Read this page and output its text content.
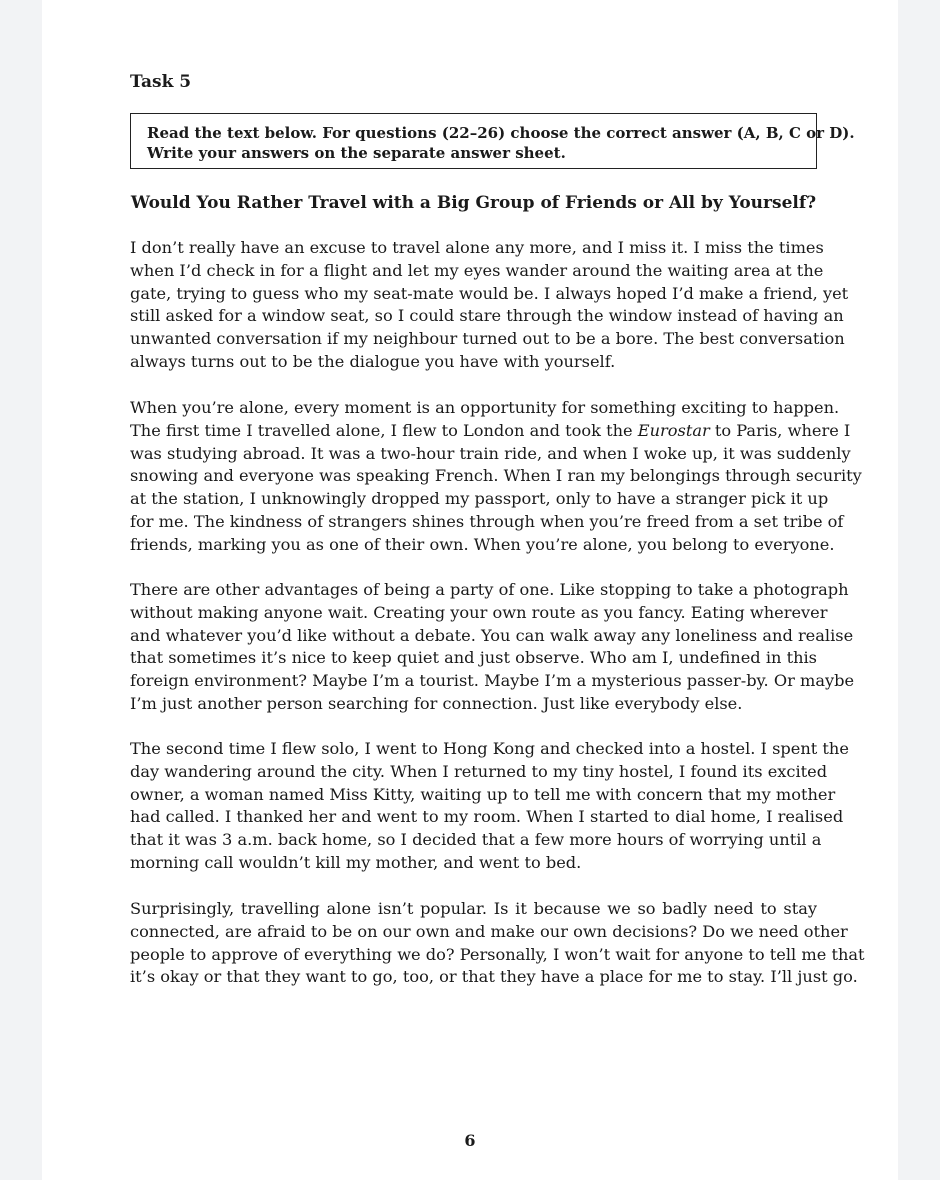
Task 5
Read the text below. For questions (22–26) choose the correct answer (A, B, C or D).
Write your answers on the separate answer sheet.
Would You Rather Travel with a Big Group of Friends or All by Yourself?
I don’t really have an excuse to travel alone any more, and I miss it. I miss the times
when I’d check in for a flight and let my eyes wander around the waiting area at the
gate, trying to guess who my seat-mate would be. I always hoped I’d make a friend, yet
still asked for a window seat, so I could stare through the window instead of having an
unwanted conversation if my neighbour turned out to be a bore. The best conversation
always turns out to be the dialogue you have with yourself.
When you’re alone, every moment is an opportunity for something exciting to happen.
The first time I travelled alone, I flew to London and took the Eurostar to Paris, where I
was studying abroad. It was a two-hour train ride, and when I woke up, it was suddenly
snowing and everyone was speaking French. When I ran my belongings through security
at the station, I unknowingly dropped my passport, only to have a stranger pick it up
for me. The kindness of strangers shines through when you’re freed from a set tribe of
friends, marking you as one of their own. When you’re alone, you belong to everyone.
There are other advantages of being a party of one. Like stopping to take a photograph
without making anyone wait. Creating your own route as you fancy. Eating wherever
and whatever you’d like without a debate. You can walk away any loneliness and realise
that sometimes it’s nice to keep quiet and just observe. Who am I, undefined in this
foreign environment? Maybe I’m a tourist. Maybe I’m a mysterious passer-by. Or maybe
I’m just another person searching for connection. Just like everybody else.
The second time I flew solo, I went to Hong Kong and checked into a hostel. I spent the
day wandering around the city. When I returned to my tiny hostel, I found its excited
owner, a woman named Miss Kitty, waiting up to tell me with concern that my mother
had called. I thanked her and went to my room. When I started to dial home, I realised
that it was 3 a.m. back home, so I decided that a few more hours of worrying until a
morning call wouldn’t kill my mother, and went to bed.
Surprisingly, travelling alone isn’t popular. Is it because we so badly need to stay
connected, are afraid to be on our own and make our own decisions? Do we need other
people to approve of everything we do? Personally, I won’t wait for anyone to tell me that
it’s okay or that they want to go, too, or that they have a place for me to stay. I’ll just go.
6
